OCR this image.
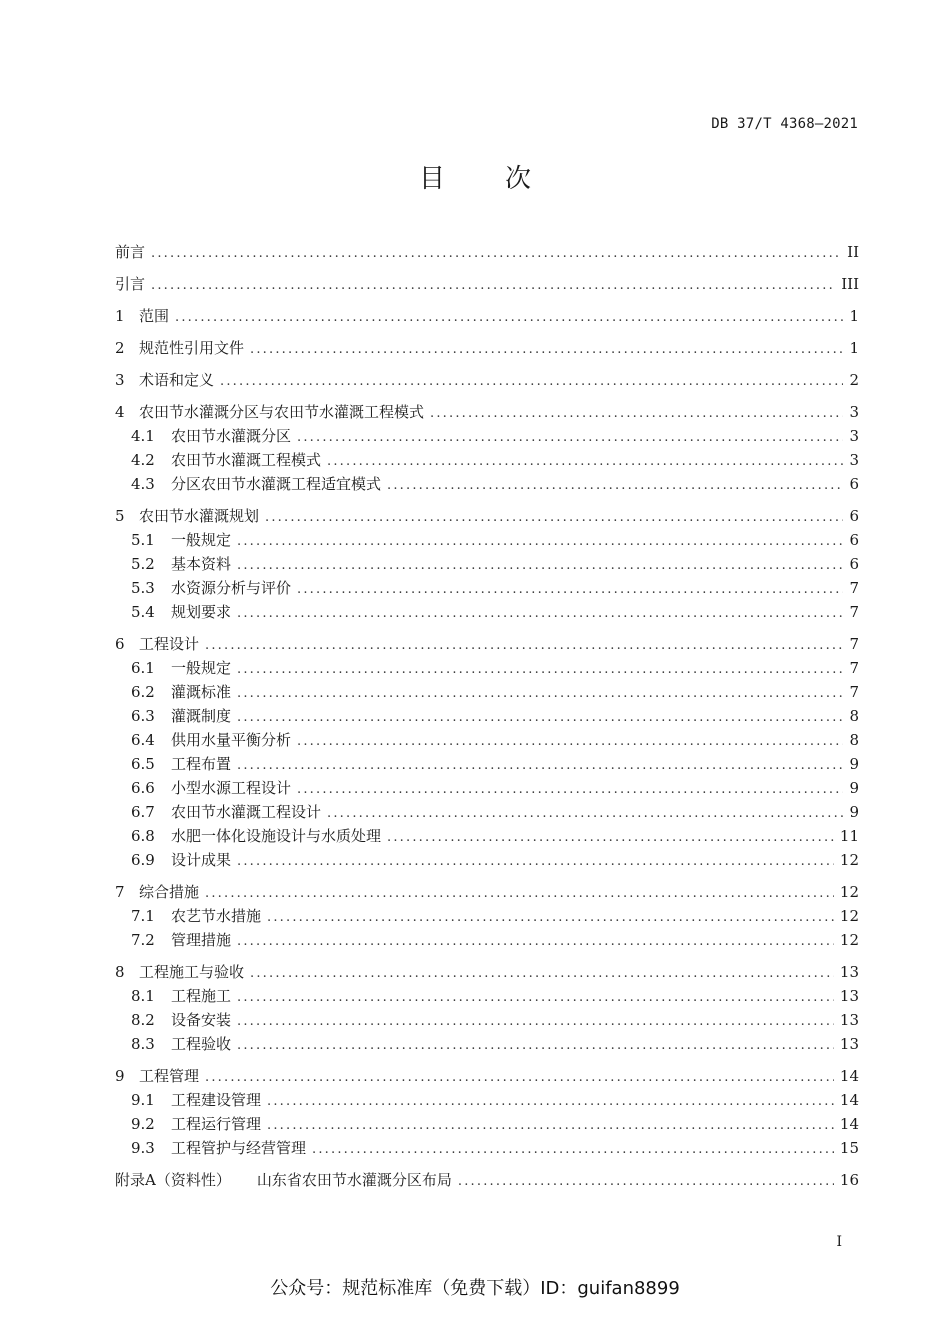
DB 37/T 4368—2021
目 次
前言 .....	II
引言 .....	III
1 范围 .....	1
2 规范性引用文件 .....	1
3 术语和定义 .....	2
4 农田节水灌溉分区与农田节水灌溉工程模式 .....	3
4.1	农田节水灌溉分区 .....	3
4.2	农田节水灌溉工程模式 .....	3
4.3	分区农田节水灌溉工程适宜模式 .....	6
5 农田节水灌溉规划 .....	6
5.1	一般规定 .....	6
5.2	基本资料 .....	6
5.3	水资源分析与评价 .....	7
5.4	规划要求 .....	7
6 工程设计 .....	7
6.1	一般规定 .....	7
6.2	灌溉标准 .....	7
6.3	灌溉制度 .....	8
6.4	供用水量平衡分析 .....	8
6.5	工程布置 .....	9
6.6	小型水源工程设计 .....	9
6.7	农田节水灌溉工程设计 .....	9
6.8	水肥一体化设施设计与水质处理 .....	11
6.9	设计成果 .....	12
7 综合措施 .....	12
7.1	农艺节水措施 .....	12
7.2	管理措施 .....	12
8 工程施工与验收 .....	13
8.1	工程施工 .....	13
8.2	设备安装 .....	13
8.3	工程验收 .....	13
9 工程管理 .....	14
9.1	工程建设管理 .....	14
9.2	工程运行管理 .....	14
9.3	工程管护与经营管理 .....	15
附录A（资料性） 山东省农田节水灌溉分区布局 .....	16
I
公众号：规范标准库（免费下载）ID：guifan8899
